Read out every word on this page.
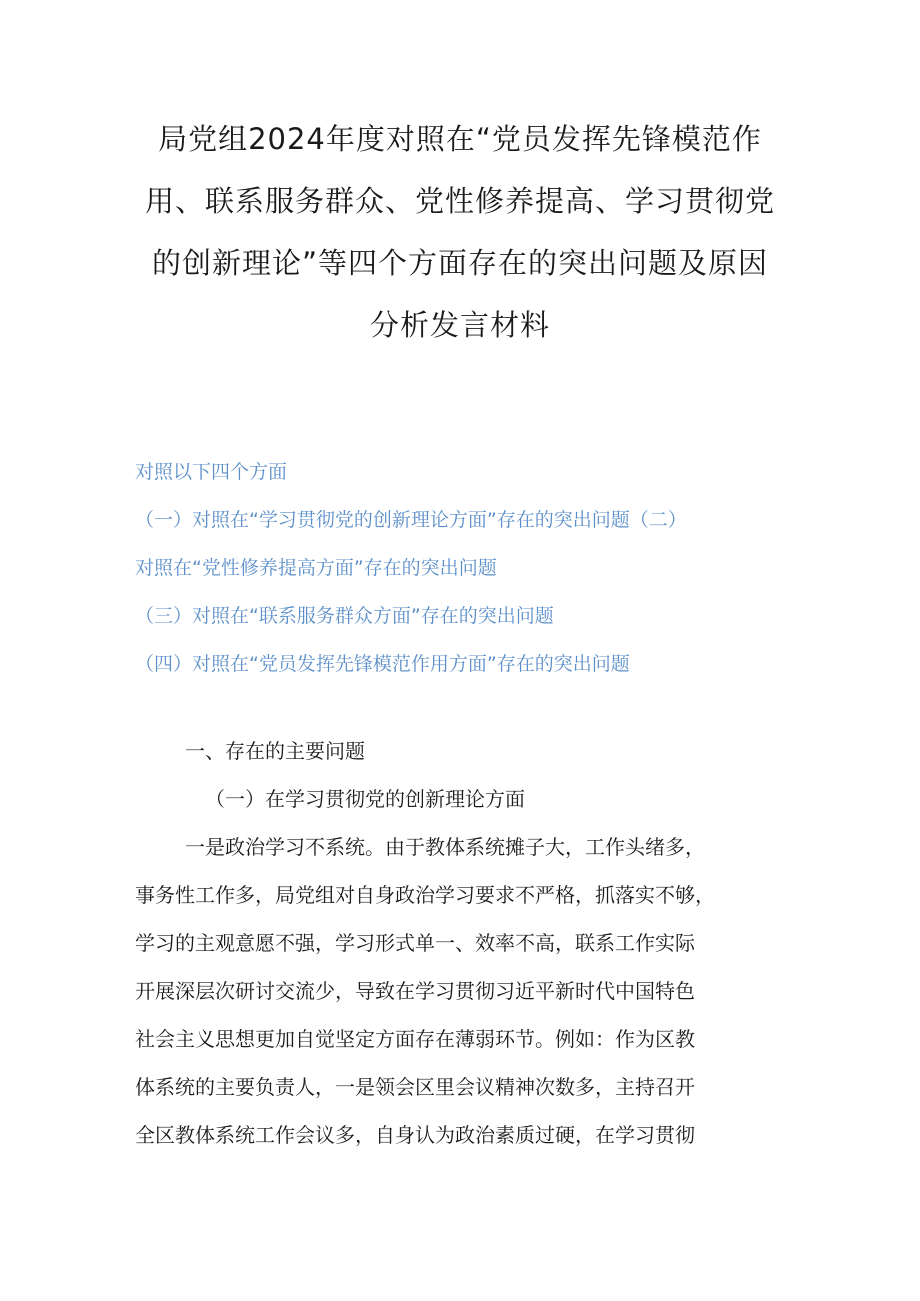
局党组2024年度对照在“党员发挥先锋模范作
用、联系服务群众、党性修养提高、学习贯彻党
的创新理论”等四个方面存在的突出问题及原因
分析发言材料
对照以下四个方面
（一）对照在“学习贯彻党的创新理论方面”存在的突出问题（二）
对照在“党性修养提高方面”存在的突出问题
（三）对照在“联系服务群众方面”存在的突出问题
（四）对照在“党员发挥先锋模范作用方面”存在的突出问题
一、存在的主要问题
（一）在学习贯彻党的创新理论方面
一是政治学习不系统。由于教体系统摊子大，工作头绪多，
事务性工作多，局党组对自身政治学习要求不严格，抓落实不够，
学习的主观意愿不强，学习形式单一、效率不高，联系工作实际
开展深层次研讨交流少，导致在学习贯彻习近平新时代中国特色
社会主义思想更加自觉坚定方面存在薄弱环节。例如：作为区教
体系统的主要负责人，一是领会区里会议精神次数多，主持召开
全区教体系统工作会议多，自身认为政治素质过硬，在学习贯彻
